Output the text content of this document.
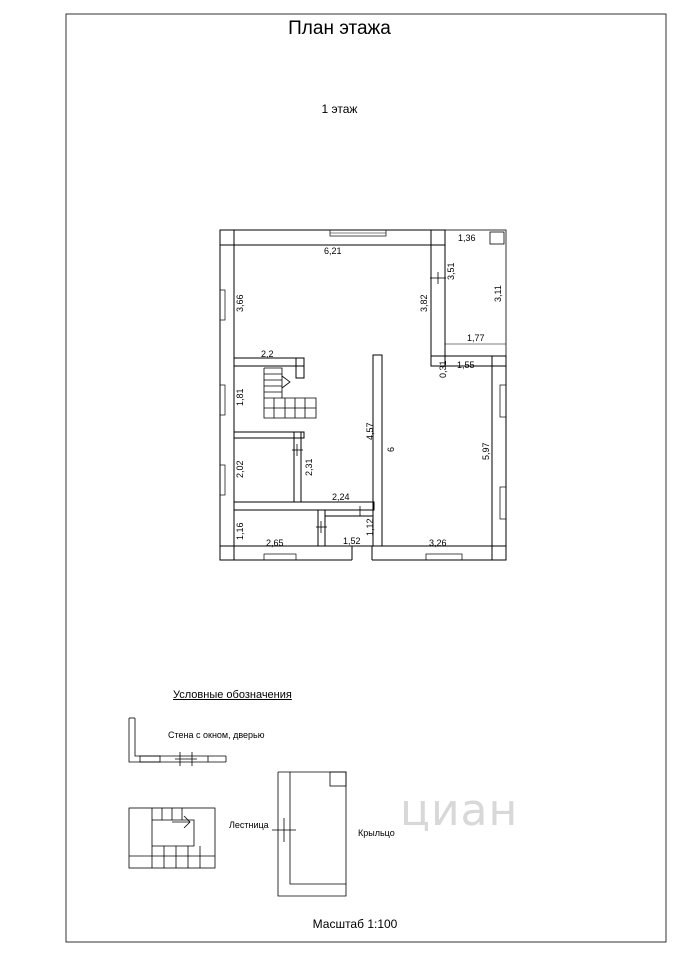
План этажа
1 этаж
6,21
1,36
3,51
3,11
3,66	3,82
1,77
2,2
0,31 1,55
1,81
4,57
6	5,97
2,02	2,31
2,24
1,16	1,12
2,65	1,52	3,26
Условные обозначения
Стена с окном, дверью
Лестница
Крыльцо циан
Масштаб 1:100
